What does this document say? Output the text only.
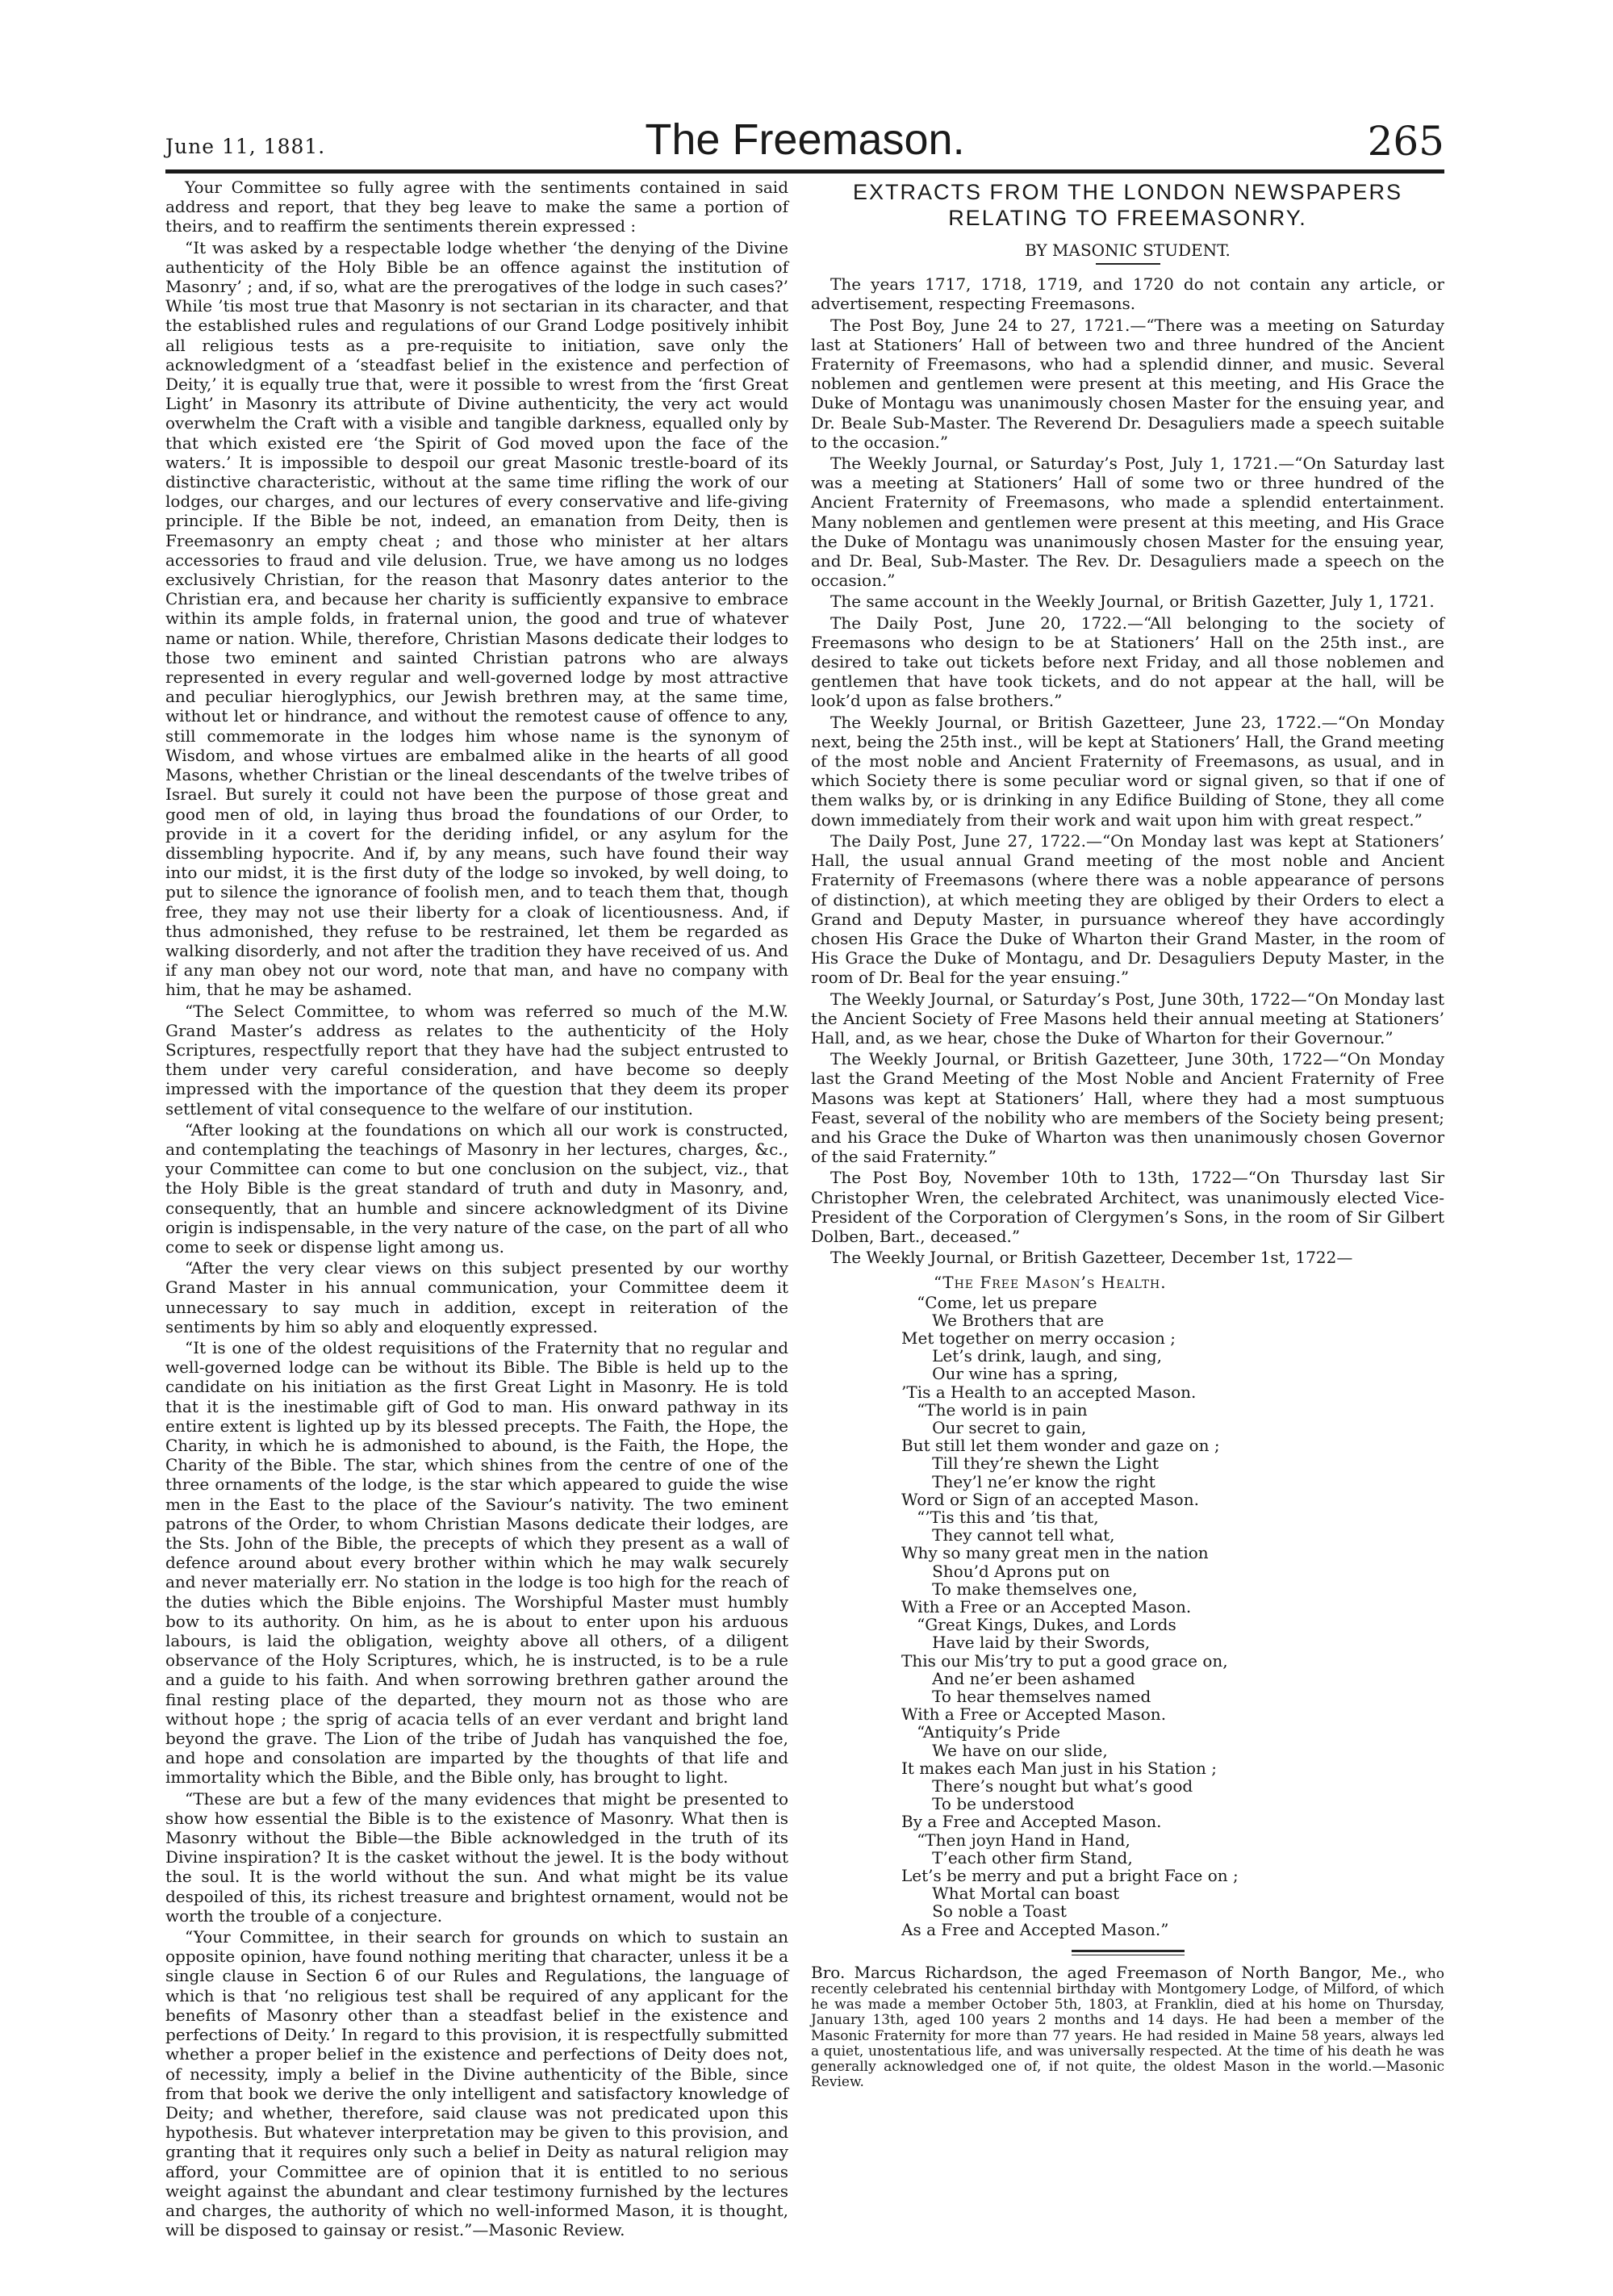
June 11, 1881.	The Freemason.	265

Your Committee so fully agree with the sentiments contained in said address and report, that they beg leave to make the same a portion of theirs, and to reaffirm the sentiments therein expressed :

“It was asked by a respectable lodge whether ‘the denying of the Divine authenticity of the Holy Bible be an offence against the institution of Masonry’ ; and, if so, what are the prerogatives of the lodge in such cases?’ While ’tis most true that Masonry is not sectarian in its character, and that the established rules and regulations of our Grand Lodge positively inhibit all religious tests as a pre-requisite to initiation, save only the acknowledgment of a ‘steadfast belief in the existence and perfection of Deity,’ it is equally true that, were it possible to wrest from the ‘first Great Light’ in Masonry its attribute of Divine authenticity, the very act would overwhelm the Craft with a visible and tangible darkness, equalled only by that which existed ere ‘the Spirit of God moved upon the face of the waters.’ It is impossible to despoil our great Masonic trestle-board of its distinctive characteristic, without at the same time rifling the work of our lodges, our charges, and our lectures of every conservative and life-giving principle. If the Bible be not, indeed, an emanation from Deity, then is Freemasonry an empty cheat ; and those who minister at her altars accessories to fraud and vile delusion. True, we have among us no lodges exclusively Christian, for the reason that Masonry dates anterior to the Christian era, and because her charity is sufficiently expansive to embrace within its ample folds, in fraternal union, the good and true of whatever name or nation. While, therefore, Christian Masons dedicate their lodges to those two eminent and sainted Christian patrons who are always represented in every regular and well-governed lodge by most attractive and peculiar hieroglyphics, our Jewish brethren may, at the same time, without let or hindrance, and without the remotest cause of offence to any, still commemorate in the lodges him whose name is the synonym of Wisdom, and whose virtues are embalmed alike in the hearts of all good Masons, whether Christian or the lineal descendants of the twelve tribes of Israel. But surely it could not have been the purpose of those great and good men of old, in laying thus broad the foundations of our Order, to provide in it a covert for the deriding infidel, or any asylum for the dissembling hypocrite. And if, by any means, such have found their way into our midst, it is the first duty of the lodge so invoked, by well doing, to put to silence the ignorance of foolish men, and to teach them that, though free, they may not use their liberty for a cloak of licentiousness. And, if thus admonished, they refuse to be restrained, let them be regarded as walking disorderly, and not after the tradition they have received of us. And if any man obey not our word, note that man, and have no company with him, that he may be ashamed.

“The Select Committee, to whom was referred so much of the M.W. Grand Master’s address as relates to the authenticity of the Holy Scriptures, respectfully report that they have had the subject entrusted to them under very careful consideration, and have become so deeply impressed with the importance of the question that they deem its proper settlement of vital consequence to the welfare of our institution.

“After looking at the foundations on which all our work is constructed, and contemplating the teachings of Masonry in her lectures, charges, &c., your Committee can come to but one conclusion on the subject, viz., that the Holy Bible is the great standard of truth and duty in Masonry, and, consequently, that an humble and sincere acknowledgment of its Divine origin is indispensable, in the very nature of the case, on the part of all who come to seek or dispense light among us.

“After the very clear views on this subject presented by our worthy Grand Master in his annual communication, your Committee deem it unnecessary to say much in addition, except in reiteration of the sentiments by him so ably and eloquently expressed.

“It is one of the oldest requisitions of the Fraternity that no regular and well-governed lodge can be without its Bible. The Bible is held up to the candidate on his initiation as the first Great Light in Masonry. He is told that it is the inestimable gift of God to man. His onward pathway in its entire extent is lighted up by its blessed precepts. The Faith, the Hope, the Charity, in which he is admonished to abound, is the Faith, the Hope, the Charity of the Bible. The star, which shines from the centre of one of the three ornaments of the lodge, is the star which appeared to guide the wise men in the East to the place of the Saviour’s nativity. The two eminent patrons of the Order, to whom Christian Masons dedicate their lodges, are the Sts. John of the Bible, the precepts of which they present as a wall of defence around about every brother within which he may walk securely and never materially err. No station in the lodge is too high for the reach of the duties which the Bible enjoins. The Worshipful Master must humbly bow to its authority. On him, as he is about to enter upon his arduous labours, is laid the obligation, weighty above all others, of a diligent observance of the Holy Scriptures, which, he is instructed, is to be a rule and a guide to his faith. And when sorrowing brethren gather around the final resting place of the departed, they mourn not as those who are without hope ; the sprig of acacia tells of an ever verdant and bright land beyond the grave. The Lion of the tribe of Judah has vanquished the foe, and hope and consolation are imparted by the thoughts of that life and immortality which the Bible, and the Bible only, has brought to light.

“These are but a few of the many evidences that might be presented to show how essential the Bible is to the existence of Masonry. What then is Masonry without the Bible—the Bible acknowledged in the truth of its Divine inspiration? It is the casket without the jewel. It is the body without the soul. It is the world without the sun. And what might be its value despoiled of this, its richest treasure and brightest ornament, would not be worth the trouble of a conjecture.

“Your Committee, in their search for grounds on which to sustain an opposite opinion, have found nothing meriting that character, unless it be a single clause in Section 6 of our Rules and Regulations, the language of which is that ‘no religious test shall be required of any applicant for the benefits of Masonry other than a steadfast belief in the existence and perfections of Deity.’ In regard to this provision, it is respectfully submitted whether a proper belief in the existence and perfections of Deity does not, of necessity, imply a belief in the Divine authenticity of the Bible, since from that book we derive the only intelligent and satisfactory knowledge of Deity; and whether, therefore, said clause was not predicated upon this hypothesis. But whatever interpretation may be given to this provision, and granting that it requires only such a belief in Deity as natural religion may afford, your Committee are of opinion that it is entitled to no serious weight against the abundant and clear testimony furnished by the lectures and charges, the authority of which no well-informed Mason, it is thought, will be disposed to gainsay or resist.”—Masonic Review.

EXTRACTS FROM THE LONDON NEWSPAPERS RELATING TO FREEMASONRY.
BY MASONIC STUDENT.

The years 1717, 1718, 1719, and 1720 do not contain any article, or advertisement, respecting Freemasons.

The Post Boy, June 24 to 27, 1721.—“There was a meeting on Saturday last at Stationers’ Hall of between two and three hundred of the Ancient Fraternity of Freemasons, who had a splendid dinner, and music. Several noblemen and gentlemen were present at this meeting, and His Grace the Duke of Montagu was unanimously chosen Master for the ensuing year, and Dr. Beale Sub-Master. The Reverend Dr. Desaguliers made a speech suitable to the occasion.”

The Weekly Journal, or Saturday’s Post, July 1, 1721.—“On Saturday last was a meeting at Stationers’ Hall of some two or three hundred of the Ancient Fraternity of Freemasons, who made a splendid entertainment. Many noblemen and gentlemen were present at this meeting, and His Grace the Duke of Montagu was unanimously chosen Master for the ensuing year, and Dr. Beal, Sub-Master. The Rev. Dr. Desaguliers made a speech on the occasion.”

The same account in the Weekly Journal, or British Gazetter, July 1, 1721.

The Daily Post, June 20, 1722.—“All belonging to the society of Freemasons who design to be at Stationers’ Hall on the 25th inst., are desired to take out tickets before next Friday, and all those noblemen and gentlemen that have took tickets, and do not appear at the hall, will be look’d upon as false brothers.”

The Weekly Journal, or British Gazetteer, June 23, 1722.—“On Monday next, being the 25th inst., will be kept at Stationers’ Hall, the Grand meeting of the most noble and Ancient Fraternity of Freemasons, as usual, and in which Society there is some peculiar word or signal given, so that if one of them walks by, or is drinking in any Edifice Building of Stone, they all come down immediately from their work and wait upon him with great respect.”

The Daily Post, June 27, 1722.—“On Monday last was kept at Stationers’ Hall, the usual annual Grand meeting of the most noble and Ancient Fraternity of Freemasons (where there was a noble appearance of persons of distinction), at which meeting they are obliged by their Orders to elect a Grand and Deputy Master, in pursuance whereof they have accordingly chosen His Grace the Duke of Wharton their Grand Master, in the room of His Grace the Duke of Montagu, and Dr. Desaguliers Deputy Master, in the room of Dr. Beal for the year ensuing.”

The Weekly Journal, or Saturday’s Post, June 30th, 1722—“On Monday last the Ancient Society of Free Masons held their annual meeting at Stationers’ Hall, and, as we hear, chose the Duke of Wharton for their Governour.”

The Weekly Journal, or British Gazetteer, June 30th, 1722—“On Monday last the Grand Meeting of the Most Noble and Ancient Fraternity of Free Masons was kept at Stationers’ Hall, where they had a most sumptuous Feast, several of the nobility who are members of the Society being present; and his Grace the Duke of Wharton was then unanimously chosen Governor of the said Fraternity.”

The Post Boy, November 10th to 13th, 1722—“On Thursday last Sir Christopher Wren, the celebrated Architect, was unanimously elected Vice-President of the Corporation of Clergymen’s Sons, in the room of Sir Gilbert Dolben, Bart., deceased.”

The Weekly Journal, or British Gazetteer, December 1st, 1722—

“The Free Mason’s Health.
“Come, let us prepare
We Brothers that are
Met together on merry occasion ;
Let’s drink, laugh, and sing,
Our wine has a spring,
’Tis a Health to an accepted Mason.
“The world is in pain
Our secret to gain,
But still let them wonder and gaze on ;
Till they’re shewn the Light
They’l ne’er know the right
Word or Sign of an accepted Mason.
“’Tis this and ’tis that,
They cannot tell what,
Why so many great men in the nation
Shou’d Aprons put on
To make themselves one,
With a Free or an Accepted Mason.
“Great Kings, Dukes, and Lords
Have laid by their Swords,
This our Mis’try to put a good grace on,
And ne’er been ashamed
To hear themselves named
With a Free or Accepted Mason.
“Antiquity’s Pride
We have on our slide,
It makes each Man just in his Station ;
There’s nought but what’s good
To be understood
By a Free and Accepted Mason.
“Then joyn Hand in Hand,
T’each other firm Stand,
Let’s be merry and put a bright Face on ;
What Mortal can boast
So noble a Toast
As a Free and Accepted Mason.”
Bro. Marcus Richardson, the aged Freemason of North Bangor, Me., who recently celebrated his centennial birthday with Montgomery Lodge, of Milford, of which he was made a member October 5th, 1803, at Franklin, died at his home on Thursday, January 13th, aged 100 years 2 months and 14 days. He had been a member of the Masonic Fraternity for more than 77 years. He had resided in Maine 58 years, always led a quiet, unostentatious life, and was universally respected. At the time of his death he was generally acknowledged one of, if not quite, the oldest Mason in the world.—Masonic Review.
